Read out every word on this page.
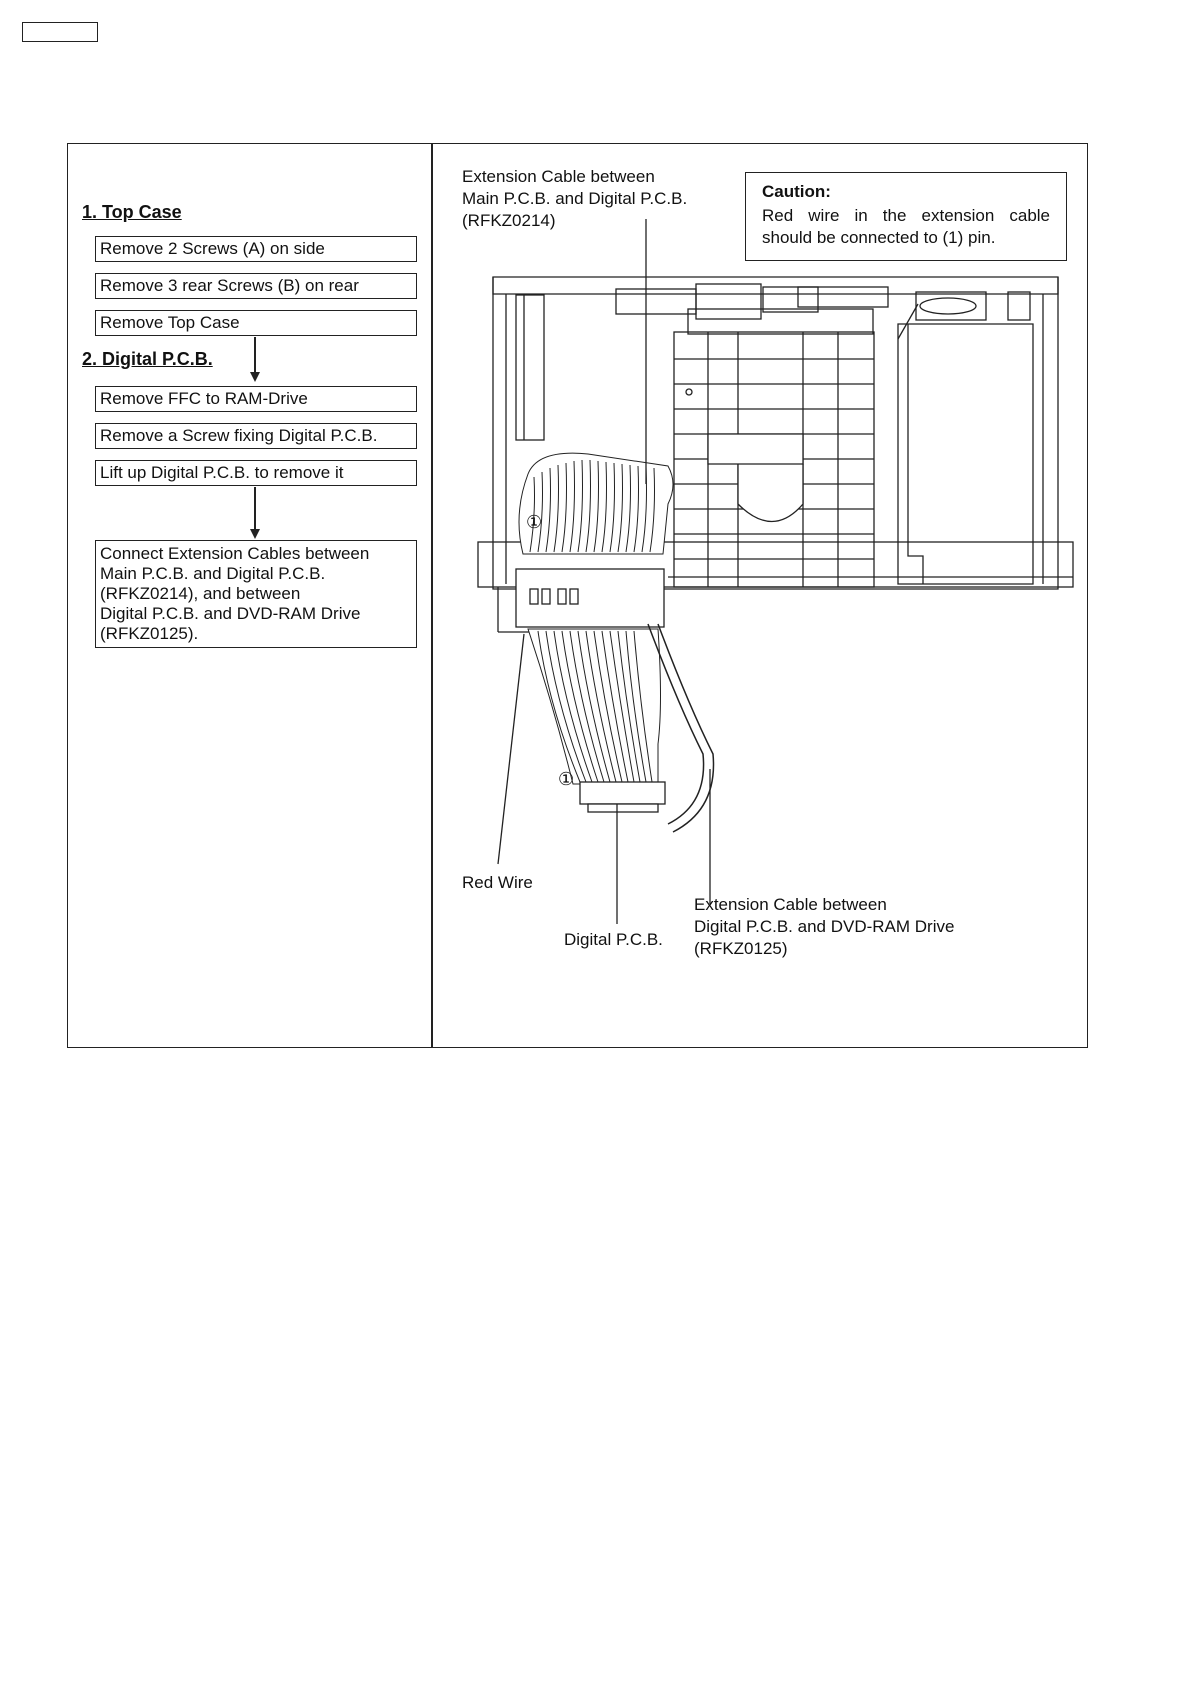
1. Top Case
Remove 2 Screws (A) on side
Remove 3 rear Screws (B) on rear
Remove Top Case
2. Digital P.C.B.
Remove FFC to RAM-Drive
Remove a Screw fixing Digital P.C.B.
Lift up Digital P.C.B. to remove it
Connect Extension Cables between
Main P.C.B. and Digital P.C.B.
(RFKZ0214), and between
Digital P.C.B. and DVD-RAM Drive
(RFKZ0125).
Extension Cable between
Main P.C.B. and Digital P.C.B.
(RFKZ0214)
Caution:
Red wire in the extension cable should be connected to (1) pin.
①
①
Red Wire
Digital P.C.B.
Extension Cable between
Digital P.C.B. and DVD-RAM Drive
(RFKZ0125)
